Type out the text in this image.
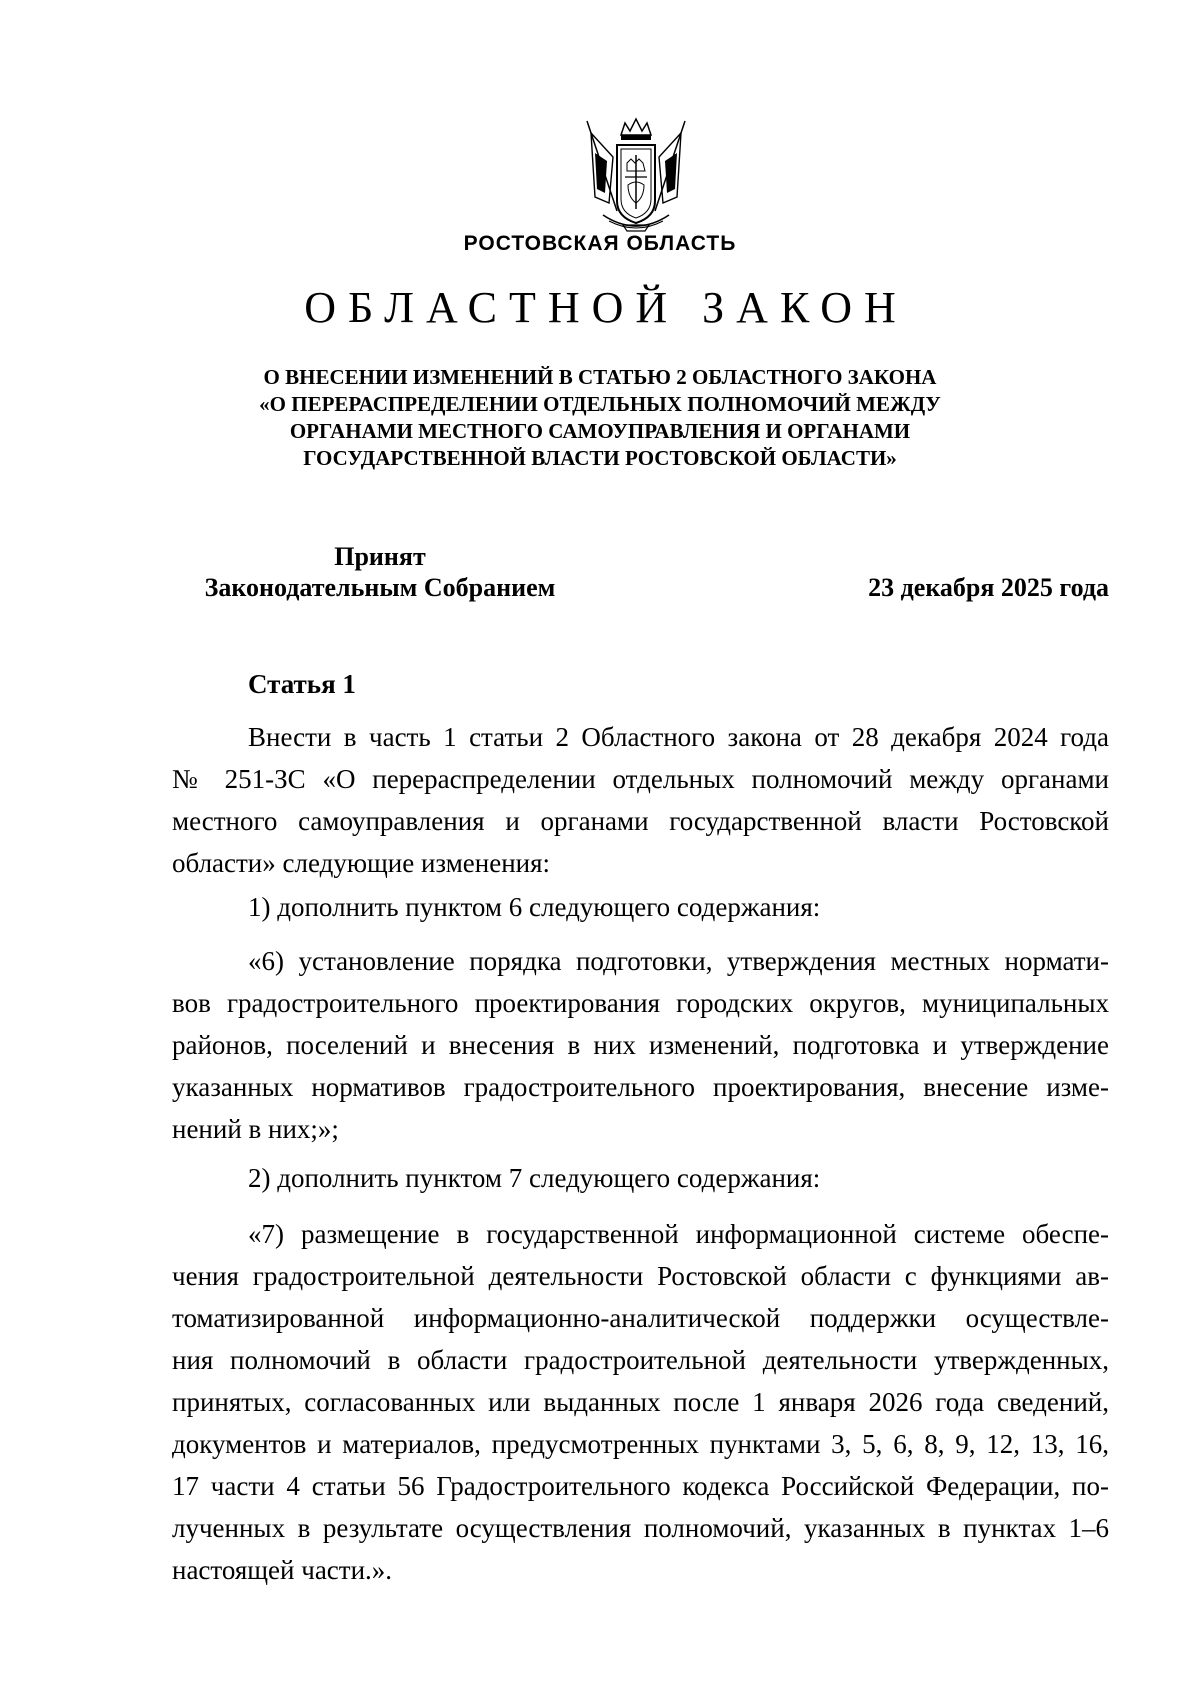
РОСТОВСКАЯ ОБЛАСТЬ
ОБЛАСТНОЙ ЗАКОН
О ВНЕСЕНИИ ИЗМЕНЕНИЙ В СТАТЬЮ 2 ОБЛАСТНОГО ЗАКОНА
«О ПЕРЕРАСПРЕДЕЛЕНИИ ОТДЕЛЬНЫХ ПОЛНОМОЧИЙ МЕЖДУ
ОРГАНАМИ МЕСТНОГО САМОУПРАВЛЕНИЯ И ОРГАНАМИ
ГОСУДАРСТВЕННОЙ ВЛАСТИ РОСТОВСКОЙ ОБЛАСТИ»
Принят
Законодательным Собранием	23 декабря 2025 года
Статья 1
Внести в часть 1 статьи 2 Областного закона от 28 декабря 2024 года
№ 251-ЗС «О перераспределении отдельных полномочий между органами
местного самоуправления и органами государственной власти Ростовской
области» следующие изменения:
1) дополнить пунктом 6 следующего содержания:
«6) установление порядка подготовки, утверждения местных нормати-
вов градостроительного проектирования городских округов, муниципальных
районов, поселений и внесения в них изменений, подготовка и утверждение
указанных нормативов градостроительного проектирования, внесение изме-
нений в них;»;
2) дополнить пунктом 7 следующего содержания:
«7) размещение в государственной информационной системе обеспе-
чения градостроительной деятельности Ростовской области с функциями ав-
томатизированной информационно-аналитической поддержки осуществле-
ния полномочий в области градостроительной деятельности утвержденных,
принятых, согласованных или выданных после 1 января 2026 года сведений,
документов и материалов, предусмотренных пунктами 3, 5, 6, 8, 9, 12, 13, 16,
17 части 4 статьи 56 Градостроительного кодекса Российской Федерации, по-
лученных в результате осуществления полномочий, указанных в пунктах 1–6
настоящей части.».
